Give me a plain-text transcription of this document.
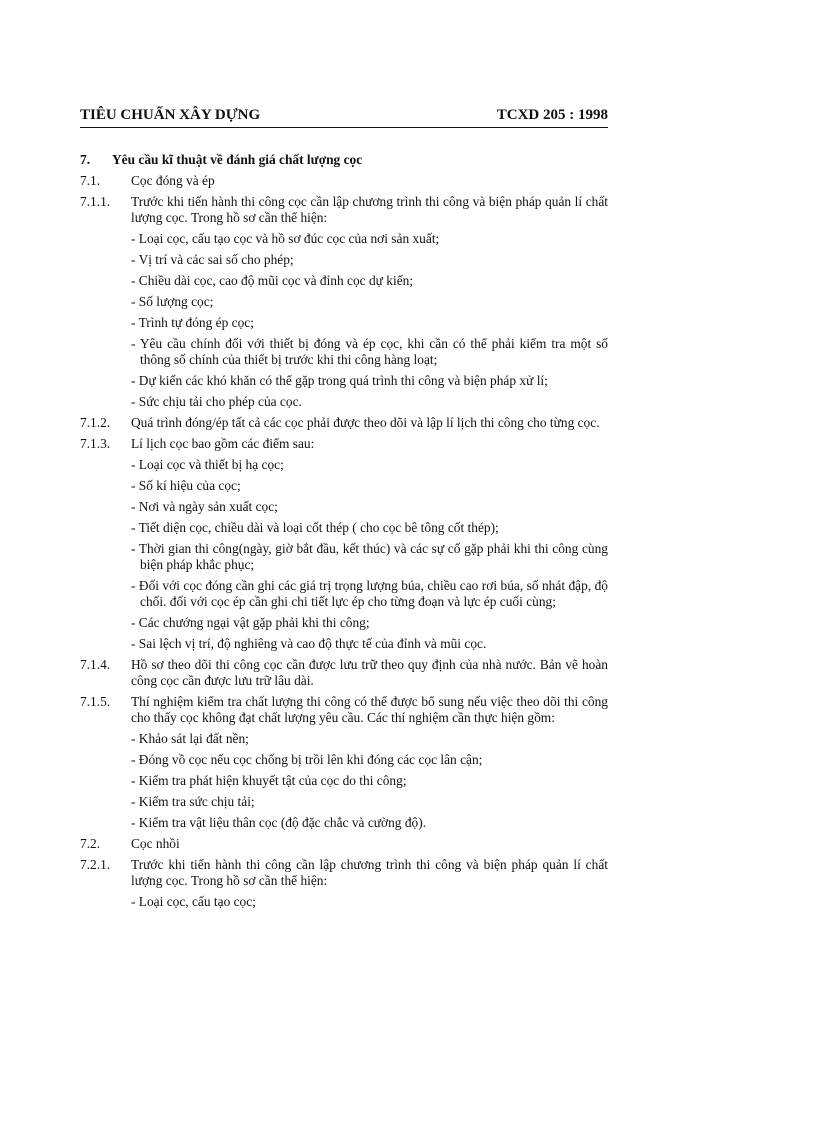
TIÊU CHUẨN XÂY DỰNG	TCXD 205 : 1998
7.	Yêu cầu kĩ thuật về đánh giá chất lượng cọc
7.1.	Cọc đóng và ép
7.1.1.	Trước khi tiến hành thi công cọc cần lập chương trình thi công và biện pháp quản lí chất lượng cọc. Trong hồ sơ cần thể hiện:
- Loại cọc, cấu tạo cọc và hồ sơ đúc cọc của nơi sản xuất;
- Vị trí và các sai số cho phép;
- Chiều dài cọc, cao độ mũi cọc và đỉnh cọc dự kiến;
- Số lượng cọc;
- Trình tự đóng ép cọc;
- Yêu cầu chính đối với thiết bị đóng và ép cọc, khi cần có thể phải kiểm tra một số thông số chính của thiết bị trước khi thi công hàng loạt;
- Dự kiến các khó khăn có thể gặp trong quá trình thi công và biện pháp xử lí;
- Sức chịu tải cho phép của cọc.
7.1.2.	Quá trình đóng/ép tất cả các cọc phải được theo dõi và lập lí lịch thi công cho từng cọc.
7.1.3.	Lí lịch cọc bao gồm các điểm sau:
- Loại cọc và thiết bị hạ cọc;
- Số kí hiệu của cọc;
- Nơi và ngày sản xuất cọc;
- Tiết diện cọc, chiều dài và loại cốt thép ( cho cọc bê tông cốt thép);
- Thời gian thi công(ngày, giờ bắt đầu, kết thúc) và các sự cố gặp phải khi thi công cùng biện pháp khắc phục;
- Đối với cọc đóng cần ghi các giá trị trọng lượng búa, chiều cao rơi búa, số nhát đập, độ chối. đối với cọc ép cần ghi chi tiết lực ép cho từng đoạn và lực ép cuối cùng;
- Các chướng ngại vật gặp phải khi thi công;
- Sai lệch vị trí, độ nghiêng và cao độ thực tế của đỉnh và mũi cọc.
7.1.4.	Hồ sơ theo dõi thi công cọc cần được lưu trữ theo quy định của nhà nước. Bản vẽ hoàn công cọc cần được lưu trữ lâu dài.
7.1.5.	Thí nghiệm kiểm tra chất lượng thi công có thể được bổ sung nếu việc theo dõi thi công cho thấy cọc không đạt chất lượng yêu cầu. Các thí nghiệm cần thực hiện gồm:
- Khảo sát lại đất nền;
- Đóng vồ cọc nếu cọc chống bị trồi lên khi đóng các cọc lân cận;
- Kiểm tra phát hiện khuyết tật của cọc do thi công;
- Kiểm tra sức chịu tải;
- Kiểm tra vật liệu thân cọc (độ đặc chắc và cường độ).
7.2.	Cọc nhồi
7.2.1.	Trước khi tiến hành thi công cần lập chương trình thi công và biện pháp quản lí chất lượng cọc. Trong hồ sơ cần thể hiện:
- Loại cọc, cấu tạo cọc;
